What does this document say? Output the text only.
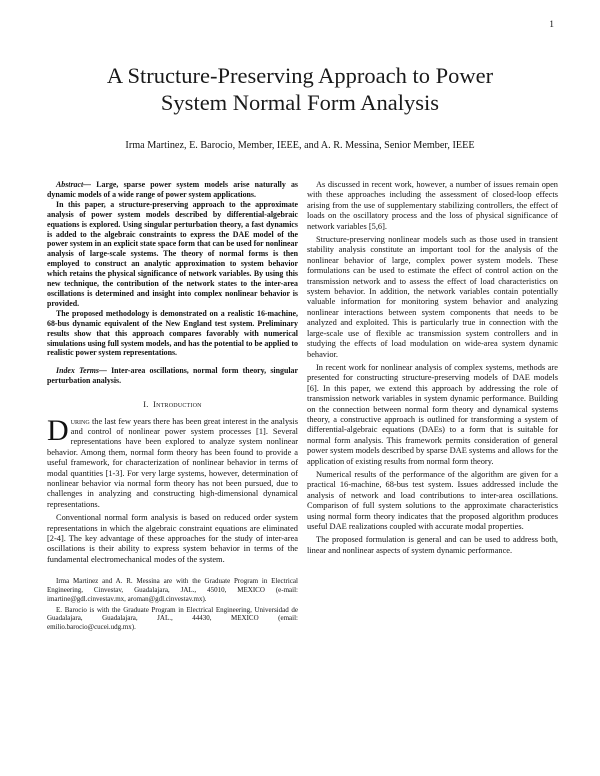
1
A Structure-Preserving Approach to Power
System Normal Form Analysis
Irma Martinez, E. Barocio, Member, IEEE, and A. R. Messina, Senior Member, IEEE

Abstract— Large, sparse power system models arise naturally as dynamic models of a wide range of power system applications.

In this paper, a structure-preserving approach to the approximate analysis of power system models described by differential-algebraic equations is explored. Using singular perturbation theory, a fast dynamics is added to the algebraic constraints to express the DAE model of the power system in an explicit state space form that can be used for nonlinear analysis of large-scale systems. The theory of normal forms is then employed to construct an analytic approximation to system behavior which retains the physical significance of network variables. By using this new technique, the contribution of the network states to the inter-area oscillations is determined and insight into complex nonlinear behavior is provided.

The proposed methodology is demonstrated on a realistic 16-machine, 68-bus dynamic equivalent of the New England test system. Preliminary results show that this approach compares favorably with numerical simulations using full system models, and has the potential to be applied to realistic power system representations.

Index Terms— Inter-area oscillations, normal form theory, singular perturbation analysis.

I. Introduction

During the last few years there has been great interest in the analysis and control of nonlinear power system processes [1]. Several representations have been explored to analyze system nonlinear behavior. Among them, normal form theory has been found to provide a useful framework, for characterization of nonlinear behavior in terms of modal quantities [1-3]. For very large systems, however, determination of nonlinear behavior via normal form theory has not been pursued, due to challenges in analyzing and constructing high-dimensional dynamical representations.

Conventional normal form analysis is based on reduced order system representations in which the algebraic constraint equations are eliminated [2-4]. The key advantage of these approaches for the study of inter-area oscillations is their ability to express system behavior in terms of the fundamental electromechanical modes of the system.

Irma Martinez and A. R. Messina are with the Graduate Program in Electrical Engineering, Cinvestav, Guadalajara, JAL., 45010, MEXICO (e-mail: imartine@gdl.cinvestav.mx, aroman@gdl.cinvestav.mx).

E. Barocio is with the Graduate Program in Electrical Engineering, Universidad de Guadalajara, Guadalajara, JAL., 44430, MEXICO (email: emilio.barocio@cucei.udg.mx).

As discussed in recent work, however, a number of issues remain open with these approaches including the assessment of closed-loop effects arising from the use of supplementary stabilizing controllers, the effect of loads on the oscillatory process and the loss of physical significance of network variables [5,6].

Structure-preserving nonlinear models such as those used in transient stability analysis constitute an important tool for the analysis of the nonlinear behavior of large, complex power system models. These formulations can be used to estimate the effect of control action on the transmission network and to assess the effect of load characteristics on system behavior. In addition, the network variables contain potentially valuable information for monitoring system behavior and analyzing nonlinear interactions between system components that needs to be analyzed and exploited. This is particularly true in connection with the large-scale use of flexible ac transmission system controllers and in studying the effects of load modulation on wide-area system dynamic behavior.

In recent work for nonlinear analysis of complex systems, methods are presented for constructing structure-preserving models of DAE models [6]. In this paper, we extend this approach by addressing the role of transmission network variables in system dynamic performance. Building on the connection between normal form theory and dynamical systems theory, a constructive approach is outlined for transforming a system of differential-algebraic equations (DAEs) to a form that is suitable for normal form analysis. This framework permits consideration of general power system models described by sparse DAE systems and allows for the application of existing results from normal form theory.

Numerical results of the performance of the algorithm are given for a practical 16-machine, 68-bus test system. Issues addressed include the analysis of network and load contributions to inter-area oscillations. Comparison of full system solutions to the approximate characteristics using normal form theory indicates that the proposed algorithm produces useful DAE realizations coupled with accurate modal properties.

The proposed formulation is general and can be used to address both, linear and nonlinear aspects of system dynamic performance.
